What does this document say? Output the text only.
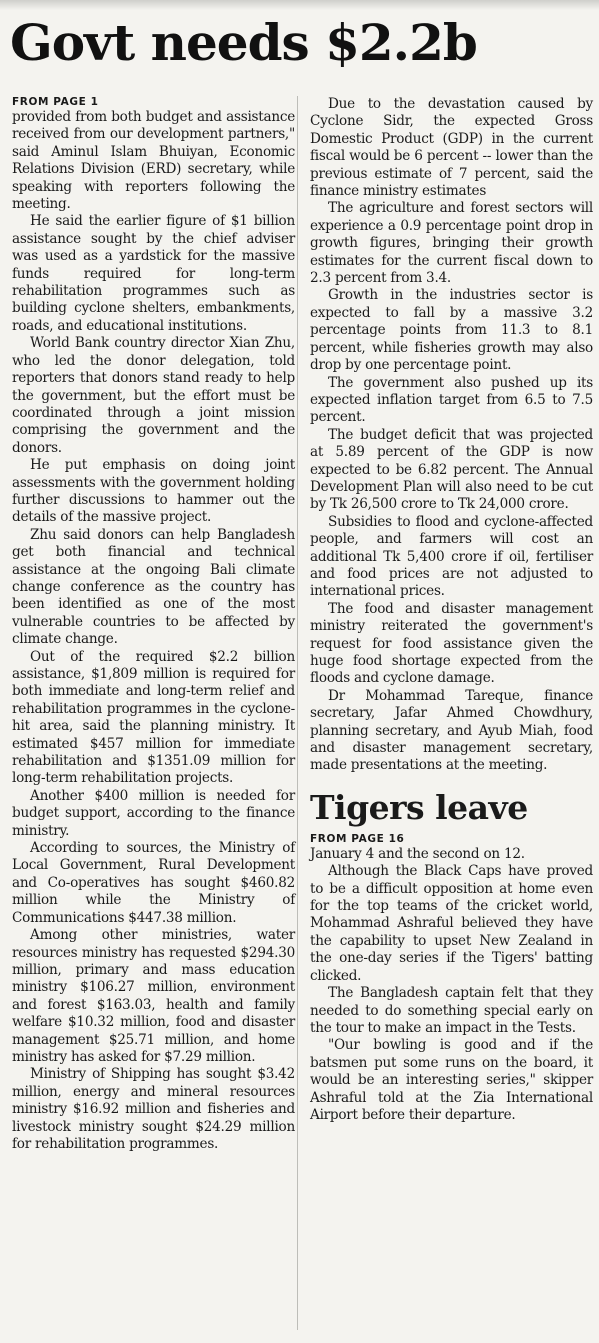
Govt needs $2.2b
FROM PAGE 1

provided from both budget and assistance received from our development partners," said Aminul Islam Bhuiyan, Economic Relations Division (ERD) secretary, while speaking with reporters following the meeting.

He said the earlier figure of $1 billion assistance sought by the chief adviser was used as a yardstick for the massive funds required for long-term rehabilitation programmes such as building cyclone shelters, embankments, roads, and educational institutions.

World Bank country director Xian Zhu, who led the donor delegation, told reporters that donors stand ready to help the government, but the effort must be coordinated through a joint mission comprising the government and the donors.

He put emphasis on doing joint assessments with the government holding further discussions to hammer out the details of the massive project.

Zhu said donors can help Bangladesh get both financial and technical assistance at the ongoing Bali climate change conference as the country has been identified as one of the most vulnerable countries to be affected by climate change.

Out of the required $2.2 billion assistance, $1,809 million is required for both immediate and long-term relief and rehabilitation programmes in the cyclone-hit area, said the planning ministry. It estimated $457 million for immediate rehabilitation and $1351.09 million for long-term rehabilitation projects.

Another $400 million is needed for budget support, according to the finance ministry.

According to sources, the Ministry of Local Government, Rural Development and Co-operatives has sought $460.82 million while the Ministry of Communications $447.38 million.

Among other ministries, water resources ministry has requested $294.30 million, primary and mass education ministry $106.27 million, environment and forest $163.03, health and family welfare $10.32 million, food and disaster management $25.71 million, and home ministry has asked for $7.29 million.

Ministry of Shipping has sought $3.42 million, energy and mineral resources ministry $16.92 million and fisheries and livestock ministry sought $24.29 million for rehabilitation programmes.

Due to the devastation caused by Cyclone Sidr, the expected Gross Domestic Product (GDP) in the current fiscal would be 6 percent -- lower than the previous estimate of 7 percent, said the finance ministry estimates

The agriculture and forest sectors will experience a 0.9 percentage point drop in growth figures, bringing their growth estimates for the current fiscal down to 2.3 percent from 3.4.

Growth in the industries sector is expected to fall by a massive 3.2 percentage points from 11.3 to 8.1 percent, while fisheries growth may also drop by one percentage point.

The government also pushed up its expected inflation target from 6.5 to 7.5 percent.

The budget deficit that was projected at 5.89 percent of the GDP is now expected to be 6.82 percent. The Annual Development Plan will also need to be cut by Tk 26,500 crore to Tk 24,000 crore.

Subsidies to flood and cyclone-affected people, and farmers will cost an additional Tk 5,400 crore if oil, fertiliser and food prices are not adjusted to international prices.

The food and disaster management ministry reiterated the government's request for food assistance given the huge food shortage expected from the floods and cyclone damage.

Dr Mohammad Tareque, finance secretary, Jafar Ahmed Chowdhury, planning secretary, and Ayub Miah, food and disaster management secretary, made presentations at the meeting.

Tigers leave
FROM PAGE 16

January 4 and the second on 12.

Although the Black Caps have proved to be a difficult opposition at home even for the top teams of the cricket world, Mohammad Ashraful believed they have the capability to upset New Zealand in the one-day series if the Tigers' batting clicked.

The Bangladesh captain felt that they needed to do something special early on the tour to make an impact in the Tests.

"Our bowling is good and if the batsmen put some runs on the board, it would be an interesting series," skipper Ashraful told at the Zia International Airport before their departure.
